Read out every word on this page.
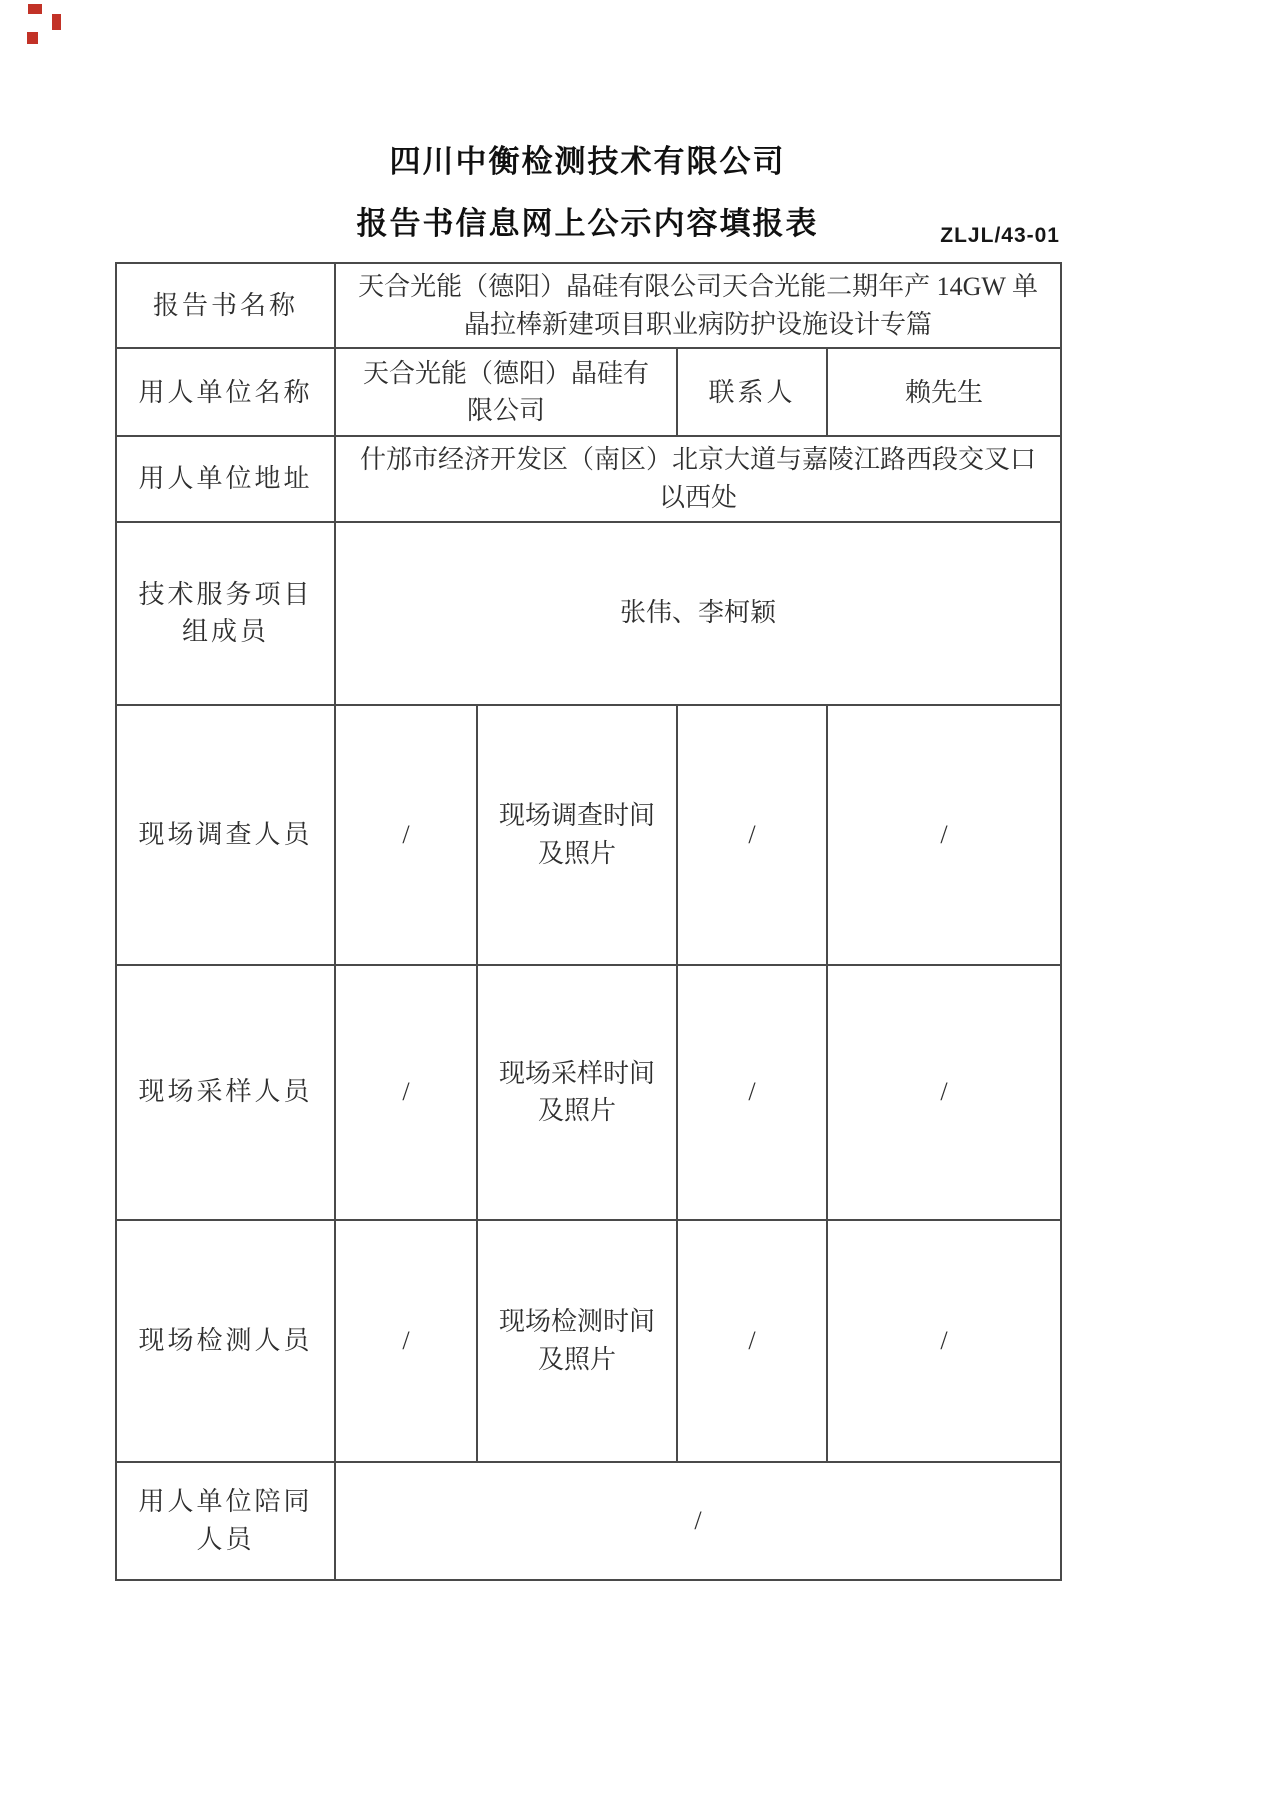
四川中衡检测技术有限公司
报告书信息网上公示内容填报表	ZLJL/43-01
报告书名称	天合光能（德阳）晶硅有限公司天合光能二期年产 14GW 单晶拉棒新建项目职业病防护设施设计专篇			
用人单位名称	天合光能（德阳）晶硅有限公司		联系人	赖先生
用人单位地址	什邡市经济开发区（南区）北京大道与嘉陵江路西段交叉口以西处			
技术服务项目组成员	张伟、李柯颖			
现场调查人员	/	现场调查时间及照片	/	/
现场采样人员	/	现场采样时间及照片	/	/
现场检测人员	/	现场检测时间及照片	/	/
用人单位陪同人员	/			
